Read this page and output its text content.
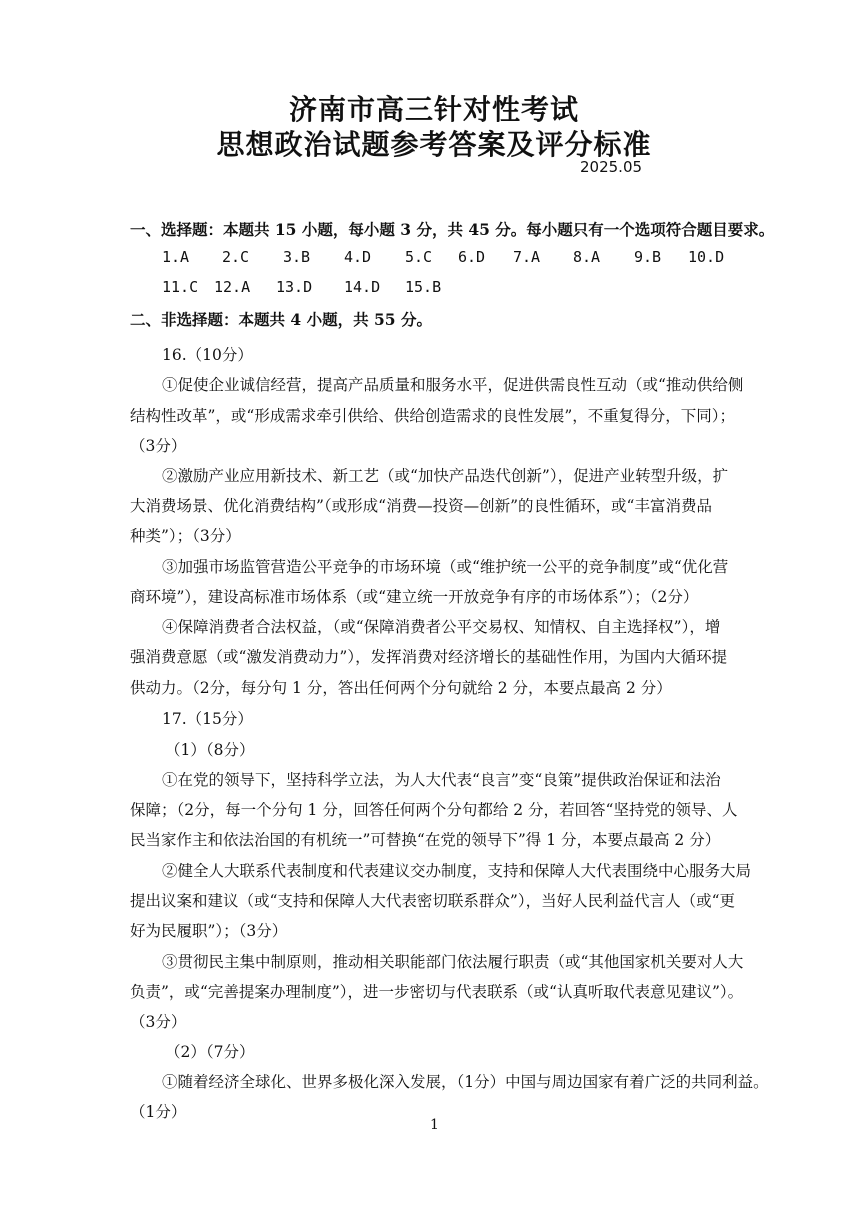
济南市高三针对性考试
思想政治试题参考答案及评分标准
2025.05
一、选择题：本题共 15 小题，每小题 3 分，共 45 分。每小题只有一个选项符合题目要求。
1.A 2.C 3.B 4.D 5.C 6.D 7.A 8.A 9.B 10.D
11.C 12.A 13.D 14.D 15.B
二、非选择题：本题共 4 小题，共 55 分。
16.（10分）
①促使企业诚信经营，提高产品质量和服务水平，促进供需良性互动（或“推动供给侧
结构性改革”，或“形成需求牵引供给、供给创造需求的良性发展”，不重复得分，下同）；
（3分）
②激励产业应用新技术、新工艺（或“加快产品迭代创新”），促进产业转型升级，扩
大消费场景、优化消费结构”（或形成“消费—投资—创新”的良性循环，或“丰富消费品
种类”）；（3分）
③加强市场监管营造公平竞争的市场环境（或“维护统一公平的竞争制度”或“优化营
商环境”），建设高标准市场体系（或“建立统一开放竞争有序的市场体系”）；（2分）
④保障消费者合法权益，（或“保障消费者公平交易权、知情权、自主选择权”），增
强消费意愿（或“激发消费动力”），发挥消费对经济增长的基础性作用，为国内大循环提
供动力。（2分，每分句 1 分，答出任何两个分句就给 2 分，本要点最高 2 分）
17.（15分）
（1）（8分）
①在党的领导下，坚持科学立法，为人大代表“良言”变“良策”提供政治保证和法治
保障；（2分，每一个分句 1 分，回答任何两个分句都给 2 分，若回答“坚持党的领导、人
民当家作主和依法治国的有机统一”可替换“在党的领导下”得 1 分，本要点最高 2 分）
②健全人大联系代表制度和代表建议交办制度，支持和保障人大代表围绕中心服务大局
提出议案和建议（或“支持和保障人大代表密切联系群众”），当好人民利益代言人（或“更
好为民履职”）；（3分）
③贯彻民主集中制原则，推动相关职能部门依法履行职责（或“其他国家机关要对人大
负责”，或“完善提案办理制度”），进一步密切与代表联系（或“认真听取代表意见建议”）。
（3分）
（2）（7分）
①随着经济全球化、世界多极化深入发展，（1分）中国与周边国家有着广泛的共同利益。
（1分）
1
